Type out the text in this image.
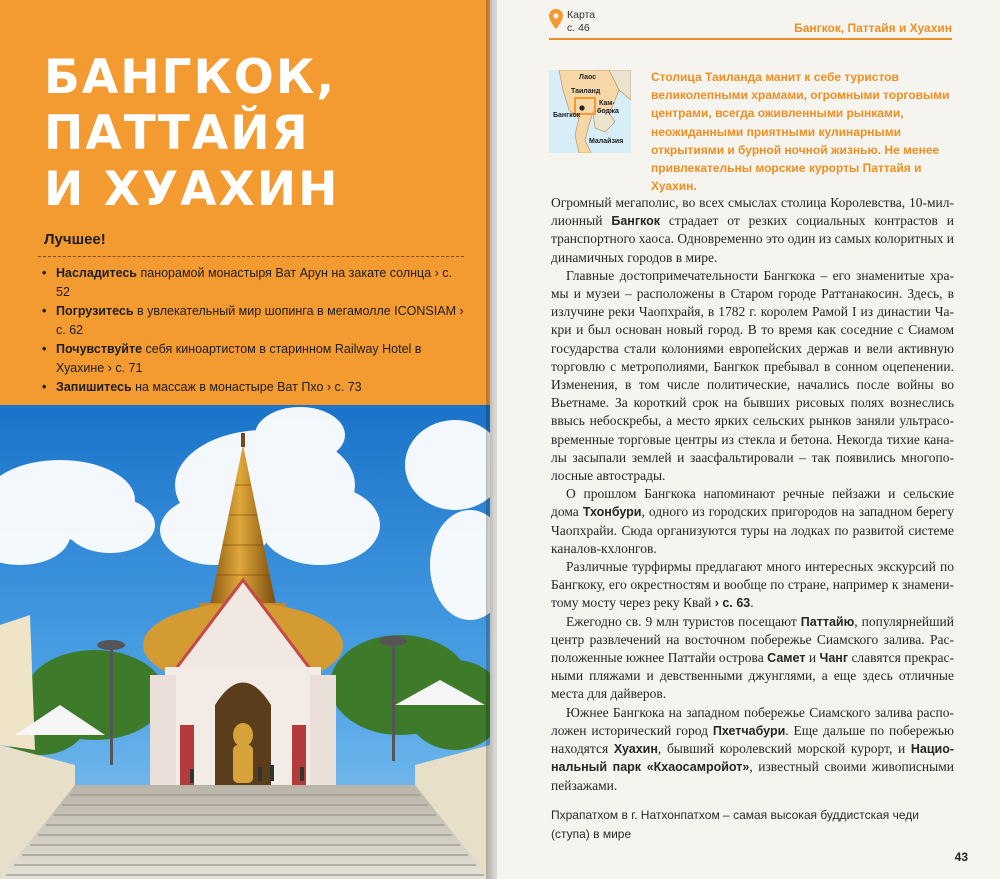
БАНГКОК,
ПАТТАЙЯ
И ХУАХИН
Лучшее!
• Насладитесь панорамой монастыря Ват Арун на закате солнца › с. 52
• Погрузитесь в увлекательный мир шопинга в мегамолле ICONSIAM › с. 62
• Почувствуйте себя киноартистом в старинном Railway Hotel в Хуахине › с. 71
• Запишитесь на массаж в монастыре Ват Пхо › с. 73
Карта
с. 46	Бангкок, Паттайя и Хуахин
Лаос
Таиланд
Кам-
боджа
Бангкок
Малайзия

Столица Таиланда манит к себе туристов великолепными храмами, огромными торговыми центрами, всегда оживленными рынками, неожиданными приятными кулинарными открытиями и бурной ночной жизнью. Не менее привлекательны морские курорты Паттайя и Хуахин.

Огромный мегаполис, во всех смыслах столица Королевства, 10-миллионный Бангкок страдает от резких социальных контрастов и транспортного хаоса. Одновременно это один из самых колоритных и динамичных городов в мире.

Главные достопримечательности Бангкока – его знаменитые храмы и музеи – расположены в Старом городе Раттанакосин. Здесь, в излучине реки Чаопхрайя, в 1782 г. королем Рамой I из династии Чакри и был основан новый город. В то время как соседние с Сиамом государства стали колониями европейских держав и вели активную торговлю с метрополиями, Бангкок пребывал в сонном оцепенении. Изменения, в том числе политические, начались после войны во Вьетнаме. За короткий срок на бывших рисовых полях вознеслись ввысь небоскребы, а место ярких сельских рынков заняли ультрасовременные торговые центры из стекла и бетона. Некогда тихие каналы засыпали землей и заасфальтировали – так появились многополосные автострады.

О прошлом Бангкока напоминают речные пейзажи и сельские дома Тхонбури, одного из городских пригородов на западном берегу Чаопхрайи. Сюда организуются туры на лодках по развитой системе каналов-кхлонгов.

Различные турфирмы предлагают много интересных экскурсий по Бангкоку, его окрестностям и вообще по стране, например к знаменитому мосту через реку Квай › с. 63.

Ежегодно св. 9 млн туристов посещают Паттайю, популярнейший центр развлечений на восточном побережье Сиамского залива. Расположенные южнее Паттайи острова Самет и Чанг славятся прекрасными пляжами и девственными джунглями, а еще здесь отличные места для дайверов.

Южнее Бангкока на западном побережье Сиамского залива расположен исторический город Пхетчабури. Еще дальше по побережью находятся Хуахин, бывший королевский морской курорт, и Национальный парк «Кхаосамройот», известный своими живописными пейзажами.

Пхрапатхом в г. Натхонпатхом – самая высокая буддистская чеди (ступа) в мире
43
